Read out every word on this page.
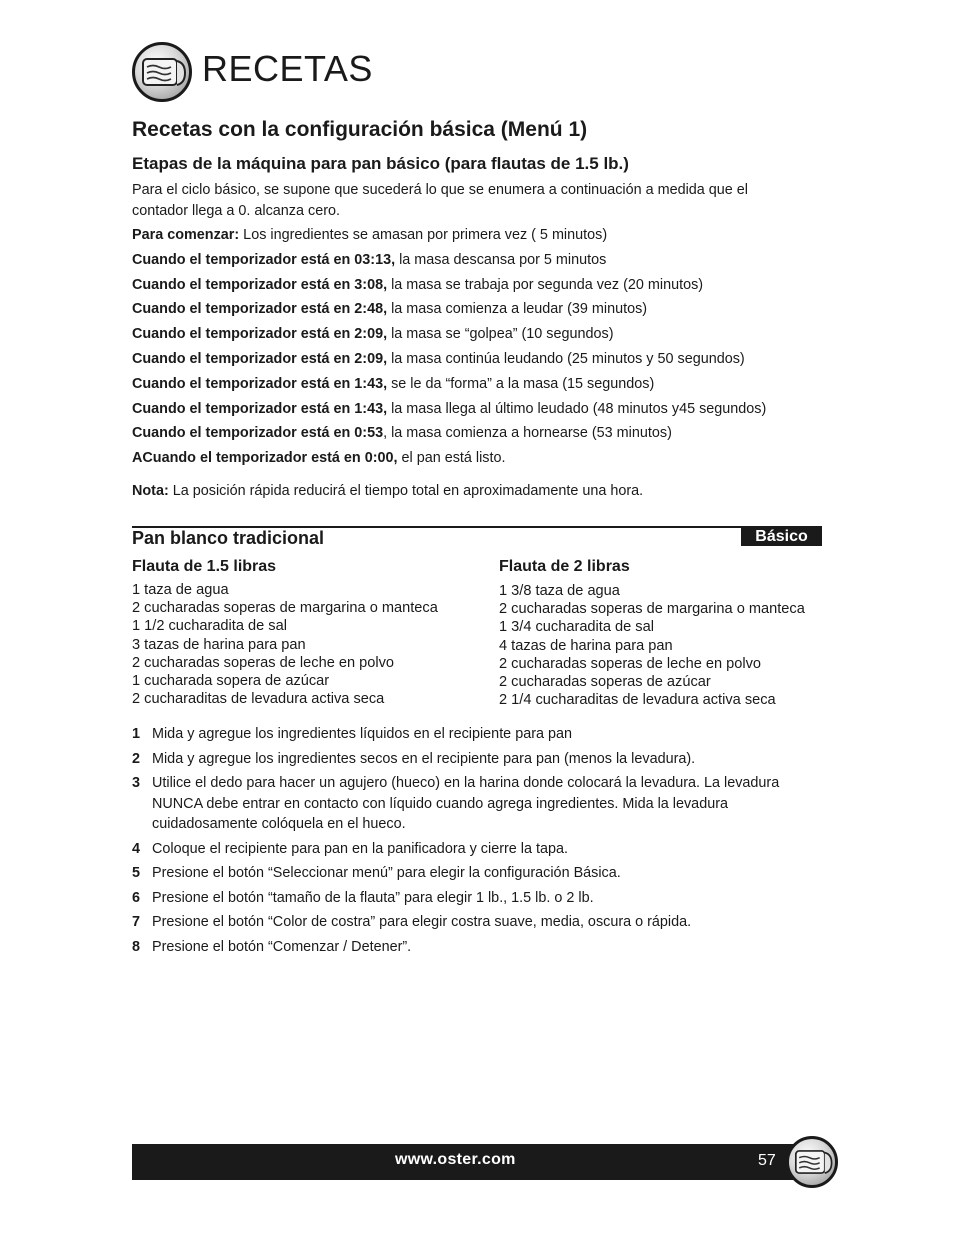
RECETAS
Recetas con la configuración básica (Menú 1)
Etapas de la máquina para pan básico (para flautas de 1.5 lb.)

Para el ciclo básico, se supone que sucederá lo que se enumera a continuación a medida que el contador llega a 0. alcanza cero.

Para comenzar: Los ingredientes se amasan por primera vez ( 5 minutos)
Cuando el temporizador está en 03:13, la masa descansa por 5 minutos
Cuando el temporizador está en 3:08, la masa se trabaja por segunda vez (20 minutos)
Cuando el temporizador está en 2:48, la masa comienza a leudar (39 minutos)
Cuando el temporizador está en 2:09, la masa se “golpea” (10 segundos)
Cuando el temporizador está en 2:09, la masa continúa leudando (25 minutos y 50 segundos)
Cuando el temporizador está en 1:43, se le da “forma” a la masa (15 segundos)
Cuando el temporizador está en 1:43, la masa llega al último leudado (48 minutos y45 segundos)
Cuando el temporizador está en 0:53, la masa comienza a hornearse (53 minutos)
ACuando el temporizador está en 0:00, el pan está listo.

Nota: La posición rápida reducirá el tiempo total en aproximadamente una hora.

Pan blanco tradicional	Básico
Flauta de 1.5 libras
1 taza de agua
2 cucharadas soperas de margarina o manteca
1 1/2 cucharadita de sal
3 tazas de harina para pan
2 cucharadas soperas de leche en polvo
1 cucharada sopera de azúcar
2 cucharaditas de levadura activa seca
Flauta de 2 libras
1 3/8 taza de agua
2 cucharadas soperas de margarina o manteca
1 3/4 cucharadita de sal
4 tazas de harina para pan
2 cucharadas soperas de leche en polvo
2 cucharadas soperas de azúcar
2 1/4 cucharaditas de levadura activa seca
1 Mida y agregue los ingredientes líquidos en el recipiente para pan
2 Mida y agregue los ingredientes secos en el recipiente para pan (menos la levadura).
3 Utilice el dedo para hacer un agujero (hueco) en la harina donde colocará la levadura. La levadura NUNCA debe entrar en contacto con líquido cuando agrega ingredientes. Mida la levadura cuidadosamente colóquela en el hueco.
4 Coloque el recipiente para pan en la panificadora y cierre la tapa.
5 Presione el botón “Seleccionar menú” para elegir la configuración Básica.
6 Presione el botón “tamaño de la flauta” para elegir 1 lb., 1.5 lb. o 2 lb.
7 Presione el botón “Color de costra” para elegir costra suave, media, oscura o rápida.
8 Presione el botón “Comenzar / Detener”.
www.oster.com	57
